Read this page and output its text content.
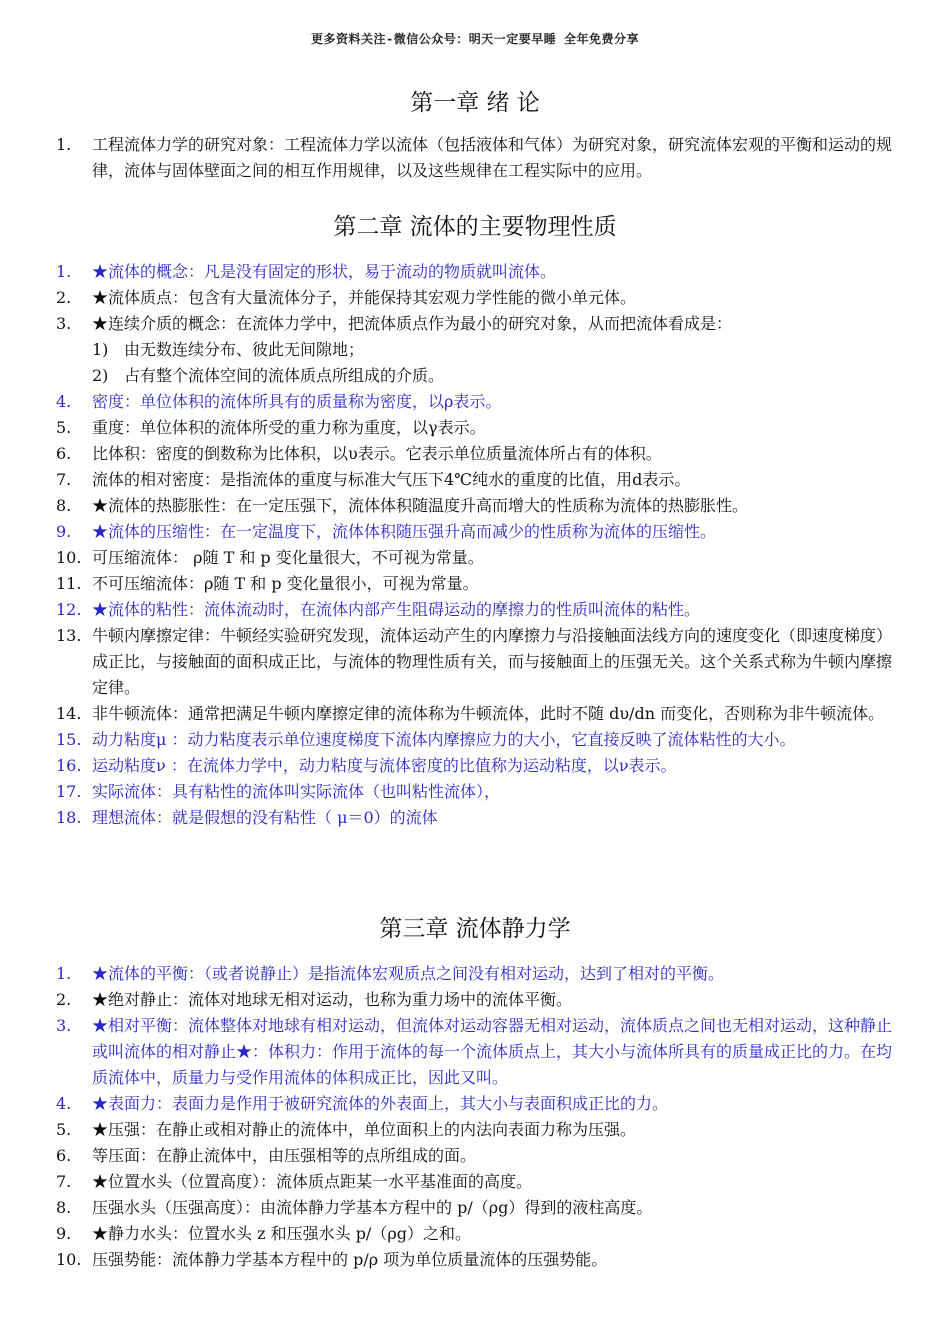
更多资料关注-微信公众号：明天一定要早睡 全年免费分享
第一章 绪 论
1.	工程流体力学的研究对象：工程流体力学以流体（包括液体和气体）为研究对象，研究流体宏观的平衡和运动的规律，流体与固体壁面之间的相互作用规律，以及这些规律在工程实际中的应用。
第二章 流体的主要物理性质
1.	★流体的概念：凡是没有固定的形状，易于流动的物质就叫流体。
2.	★流体质点：包含有大量流体分子，并能保持其宏观力学性能的微小单元体。
3.	★连续介质的概念：在流体力学中，把流体质点作为最小的研究对象，从而把流体看成是：
1) 由无数连续分布、彼此无间隙地；
2) 占有整个流体空间的流体质点所组成的介质。
4.	密度：单位体积的流体所具有的质量称为密度，以ρ表示。
5.	重度：单位体积的流体所受的重力称为重度，以γ表示。
6.	比体积：密度的倒数称为比体积，以υ表示。它表示单位质量流体所占有的体积。
7.	流体的相对密度：是指流体的重度与标准大气压下4℃纯水的重度的比值，用d表示。
8.	★流体的热膨胀性：在一定压强下，流体体积随温度升高而增大的性质称为流体的热膨胀性。
9.	★流体的压缩性：在一定温度下，流体体积随压强升高而减少的性质称为流体的压缩性。
10. 可压缩流体： ρ随 T 和 p 变化量很大，不可视为常量。
11. 不可压缩流体：ρ随 T 和 p 变化量很小，可视为常量。
12. ★流体的粘性：流体流动时，在流体内部产生阻碍运动的摩擦力的性质叫流体的粘性。
13. 牛顿内摩擦定律：牛顿经实验研究发现，流体运动产生的内摩擦力与沿接触面法线方向的速度变化（即速度梯度）成正比，与接触面的面积成正比，与流体的物理性质有关，而与接触面上的压强无关。这个关系式称为牛顿内摩擦定律。
14. 非牛顿流体：通常把满足牛顿内摩擦定律的流体称为牛顿流体，此时不随 dυ/dn 而变化，否则称为非牛顿流体。
15. 动力粘度μ ：动力粘度表示单位速度梯度下流体内摩擦应力的大小，它直接反映了流体粘性的大小。
16. 运动粘度ν ：在流体力学中，动力粘度与流体密度的比值称为运动粘度，以ν表示。
17. 实际流体：具有粘性的流体叫实际流体（也叫粘性流体），
18. 理想流体：就是假想的没有粘性（ μ＝0）的流体
第三章 流体静力学
1.	★流体的平衡：（或者说静止）是指流体宏观质点之间没有相对运动，达到了相对的平衡。
2.	★绝对静止：流体对地球无相对运动，也称为重力场中的流体平衡。
3.	★相对平衡：流体整体对地球有相对运动，但流体对运动容器无相对运动，流体质点之间也无相对运动，这种静止或叫流体的相对静止★：体积力：作用于流体的每一个流体质点上，其大小与流体所具有的质量成正比的力。在均质流体中，质量力与受作用流体的体积成正比，因此又叫。
4.	★表面力：表面力是作用于被研究流体的外表面上，其大小与表面积成正比的力。
5.	★压强：在静止或相对静止的流体中，单位面积上的内法向表面力称为压强。
6.	等压面：在静止流体中，由压强相等的点所组成的面。
7.	★位置水头（位置高度）：流体质点距某一水平基准面的高度。
8.	压强水头（压强高度）：由流体静力学基本方程中的 p/（ρg）得到的液柱高度。
9.	★静力水头：位置水头 z 和压强水头 p/（ρg）之和。
10. 压强势能：流体静力学基本方程中的 p/ρ 项为单位质量流体的压强势能。
